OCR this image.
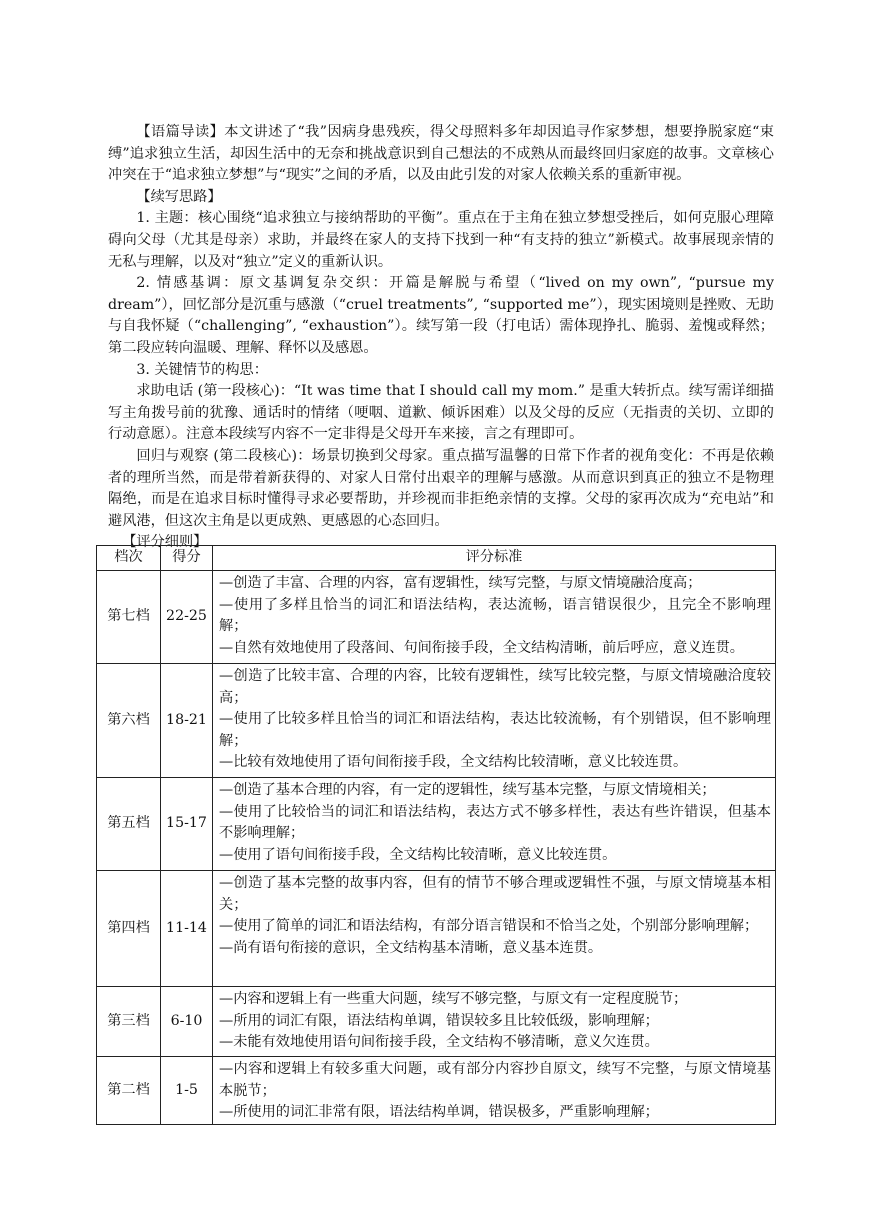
【语篇导读】本文讲述了“我”因病身患残疾，得父母照料多年却因追寻作家梦想，想要挣脱家庭“束缚”追求独立生活，却因生活中的无奈和挑战意识到自己想法的不成熟从而最终回归家庭的故事。文章核心冲突在于“追求独立梦想”与“现实”之间的矛盾，以及由此引发的对家人依赖关系的重新审视。

【续写思路】

1. 主题：核心围绕“追求独立与接纳帮助的平衡”。重点在于主角在独立梦想受挫后，如何克服心理障碍向父母（尤其是母亲）求助，并最终在家人的支持下找到一种“有支持的独立”新模式。故事展现亲情的无私与理解，以及对“独立”定义的重新认识。

2. 情感基调：原文基调复杂交织：开篇是解脱与希望（“lived on my own”, “pursue my dream”），回忆部分是沉重与感激（“cruel treatments”, “supported me”），现实困境则是挫败、无助与自我怀疑（“challenging”, “exhaustion”）。续写第一段（打电话）需体现挣扎、脆弱、羞愧或释然；第二段应转向温暖、理解、释怀以及感恩。

3. 关键情节的构思：

求助电话 (第一段核心)：“It was time that I should call my mom.” 是重大转折点。续写需详细描写主角拨号前的犹豫、通话时的情绪（哽咽、道歉、倾诉困难）以及父母的反应（无指责的关切、立即的行动意愿）。注意本段续写内容不一定非得是父母开车来接，言之有理即可。

回归与观察 (第二段核心)：场景切换到父母家。重点描写温馨的日常下作者的视角变化：不再是依赖者的理所当然，而是带着新获得的、对家人日常付出艰辛的理解与感激。从而意识到真正的独立不是物理隔绝，而是在追求目标时懂得寻求必要帮助，并珍视而非拒绝亲情的支撑。父母的家再次成为“充电站”和避风港，但这次主角是以更成熟、更感恩的心态回归。

【评分细则】

档次	得分	评分标准
第七档	22-25	—创造了丰富、合理的内容，富有逻辑性，续写完整，与原文情境融洽度高；
—使用了多样且恰当的词汇和语法结构，表达流畅，语言错误很少，且完全不影响理解；
—自然有效地使用了段落间、句间衔接手段，全文结构清晰，前后呼应，意义连贯。

第六档	18-21	—创造了比较丰富、合理的内容，比较有逻辑性，续写比较完整，与原文情境融洽度较高；
—使用了比较多样且恰当的词汇和语法结构，表达比较流畅，有个别错误，但不影响理解；
—比较有效地使用了语句间衔接手段，全文结构比较清晰，意义比较连贯。

第五档	15-17	—创造了基本合理的内容，有一定的逻辑性，续写基本完整，与原文情境相关；
—使用了比较恰当的词汇和语法结构，表达方式不够多样性，表达有些许错误，但基本不影响理解；
—使用了语句间衔接手段，全文结构比较清晰，意义比较连贯。

第四档	11-14	—创造了基本完整的故事内容，但有的情节不够合理或逻辑性不强，与原文情境基本相关；
—使用了简单的词汇和语法结构，有部分语言错误和不恰当之处，个别部分影响理解；
—尚有语句衔接的意识，全文结构基本清晰，意义基本连贯。

第三档	6-10	—内容和逻辑上有一些重大问题，续写不够完整，与原文有一定程度脱节；
—所用的词汇有限，语法结构单调，错误较多且比较低级，影响理解；
—未能有效地使用语句间衔接手段，全文结构不够清晰，意义欠连贯。

第二档	1-5	—内容和逻辑上有较多重大问题，或有部分内容抄自原文，续写不完整，与原文情境基本脱节；
—所使用的词汇非常有限，语法结构单调，错误极多，严重影响理解；
